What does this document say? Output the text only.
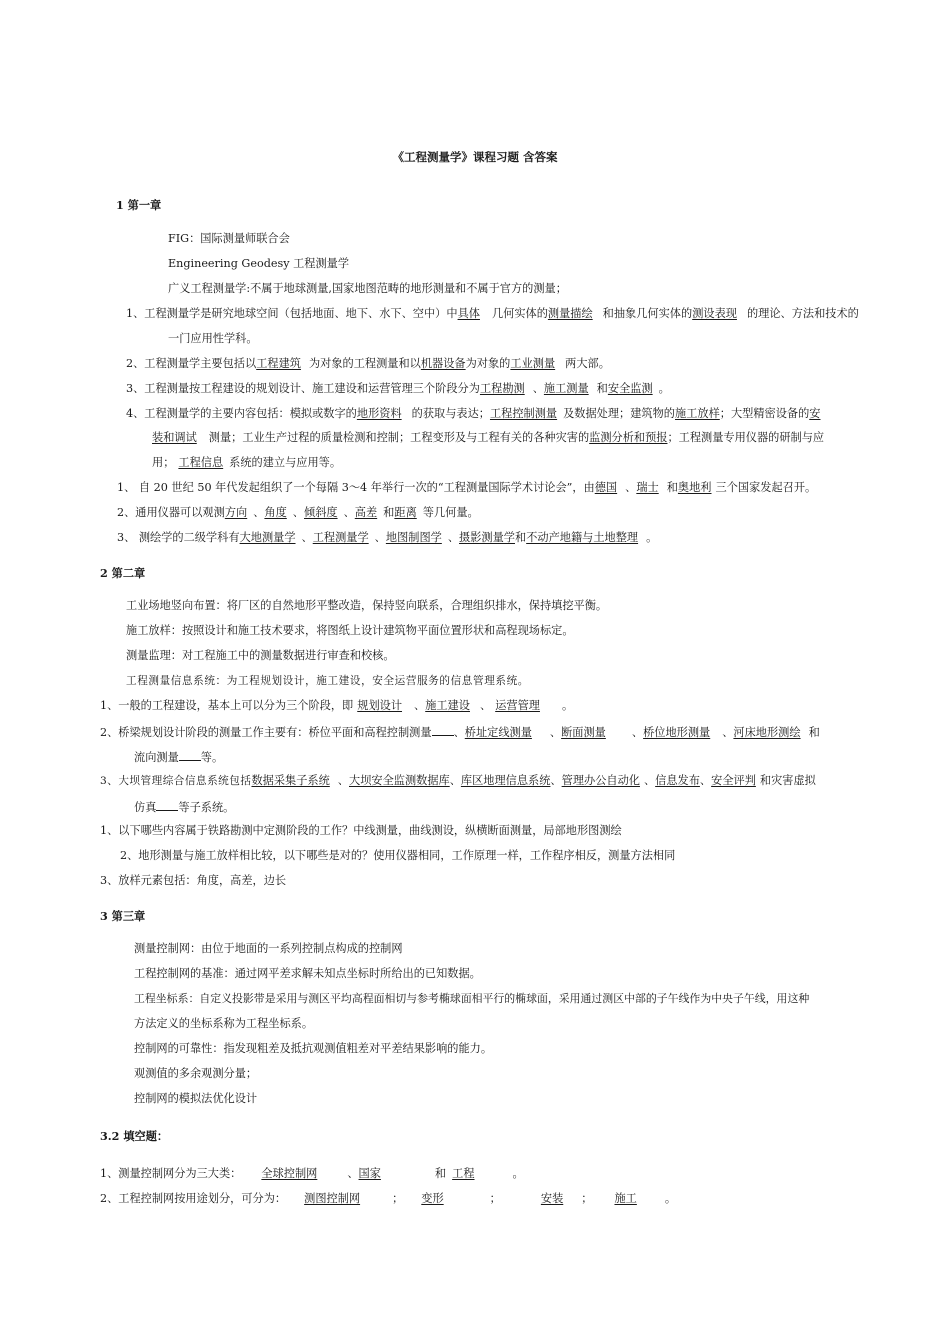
《工程测量学》课程习题 含答案
1 第一章
FIG：国际测量师联合会
Engineering Geodesy 工程测量学
广义工程测量学:不属于地球测量,国家地图范畴的地形测量和不属于官方的测量；
1、工程测量学是研究地球空间（包括地面、地下、水下、空中）中具体 几何实体的测量描绘 和抽象几何实体的测设表现 的理论、方法和技术的
一门应用性学科。
2、工程测量学主要包括以工程建筑 为对象的工程测量和以机器设备为对象的工业测量 两大部。
3、工程测量按工程建设的规划设计、施工建设和运营管理三个阶段分为工程勘测 、施工测量 和安全监测 。
4、工程测量学的主要内容包括：模拟或数字的地形资料 的获取与表达；工程控制测量 及数据处理；建筑物的施工放样；大型精密设备的安
装和调试 测量；工业生产过程的质量检测和控制；工程变形及与工程有关的各种灾害的监测分析和预报；工程测量专用仪器的研制与应
用； 工程信息 系统的建立与应用等。
1、 自 20 世纪 50 年代发起组织了一个每隔 3～4 年举行一次的“工程测量国际学术讨论会”，由德国 、瑞士 和奥地利 三个国家发起召开。
2、通用仪器可以观测方向 、角度 、倾斜度 、高差 和距离 等几何量。
3、 测绘学的二级学科有大地测量学 、工程测量学 、地图制图学 、摄影测量学和不动产地籍与土地整理 。
2 第二章
工业场地竖向布置：将厂区的自然地形平整改造，保持竖向联系，合理组织排水，保持填挖平衡。
施工放样：按照设计和施工技术要求，将图纸上设计建筑物平面位置形状和高程现场标定。
测量监理：对工程施工中的测量数据进行审查和校核。
工程测量信息系统：为工程规划设计，施工建设，安全运营服务的信息管理系统。
1、一般的工程建设，基本上可以分为三个阶段，即 规划设计 、施工建设 、 运营管理 。
2、桥梁规划设计阶段的测量工作主要有：桥位平面和高程控制测量 、桥址定线测量 、断面测量 、桥位地形测量 、河床地形测绘 和
流向测量 等。
3、大坝管理综合信息系统包括数据采集子系统 、大坝安全监测数据库、库区地理信息系统、管理办公自动化 、信息发布、安全评判 和灾害虚拟
仿真 等子系统。
1、以下哪些内容属于铁路勘测中定测阶段的工作？中线测量，曲线测设，纵横断面测量，局部地形图测绘
2、地形测量与施工放样相比较，以下哪些是对的？使用仪器相同，工作原理一样，工作程序相反，测量方法相同
3、放样元素包括：角度，高差，边长
3 第三章
测量控制网：由位于地面的一系列控制点构成的控制网
工程控制网的基准：通过网平差求解未知点坐标时所给出的已知数据。
工程坐标系：自定义投影带是采用与测区平均高程面相切与参考椭球面相平行的椭球面，采用通过测区中部的子午线作为中央子午线，用这种
方法定义的坐标系称为工程坐标系。
控制网的可靠性：指发现粗差及抵抗观测值粗差对平差结果影响的能力。
观测值的多余观测分量；
控制网的模拟法优化设计
3.2 填空题：
1、测量控制网分为三大类： 全球控制网	、国家	和 工程	。
2、工程控制网按用途划分，可分为： 测图控制网	； 变形	；	安装 ； 施工	。
